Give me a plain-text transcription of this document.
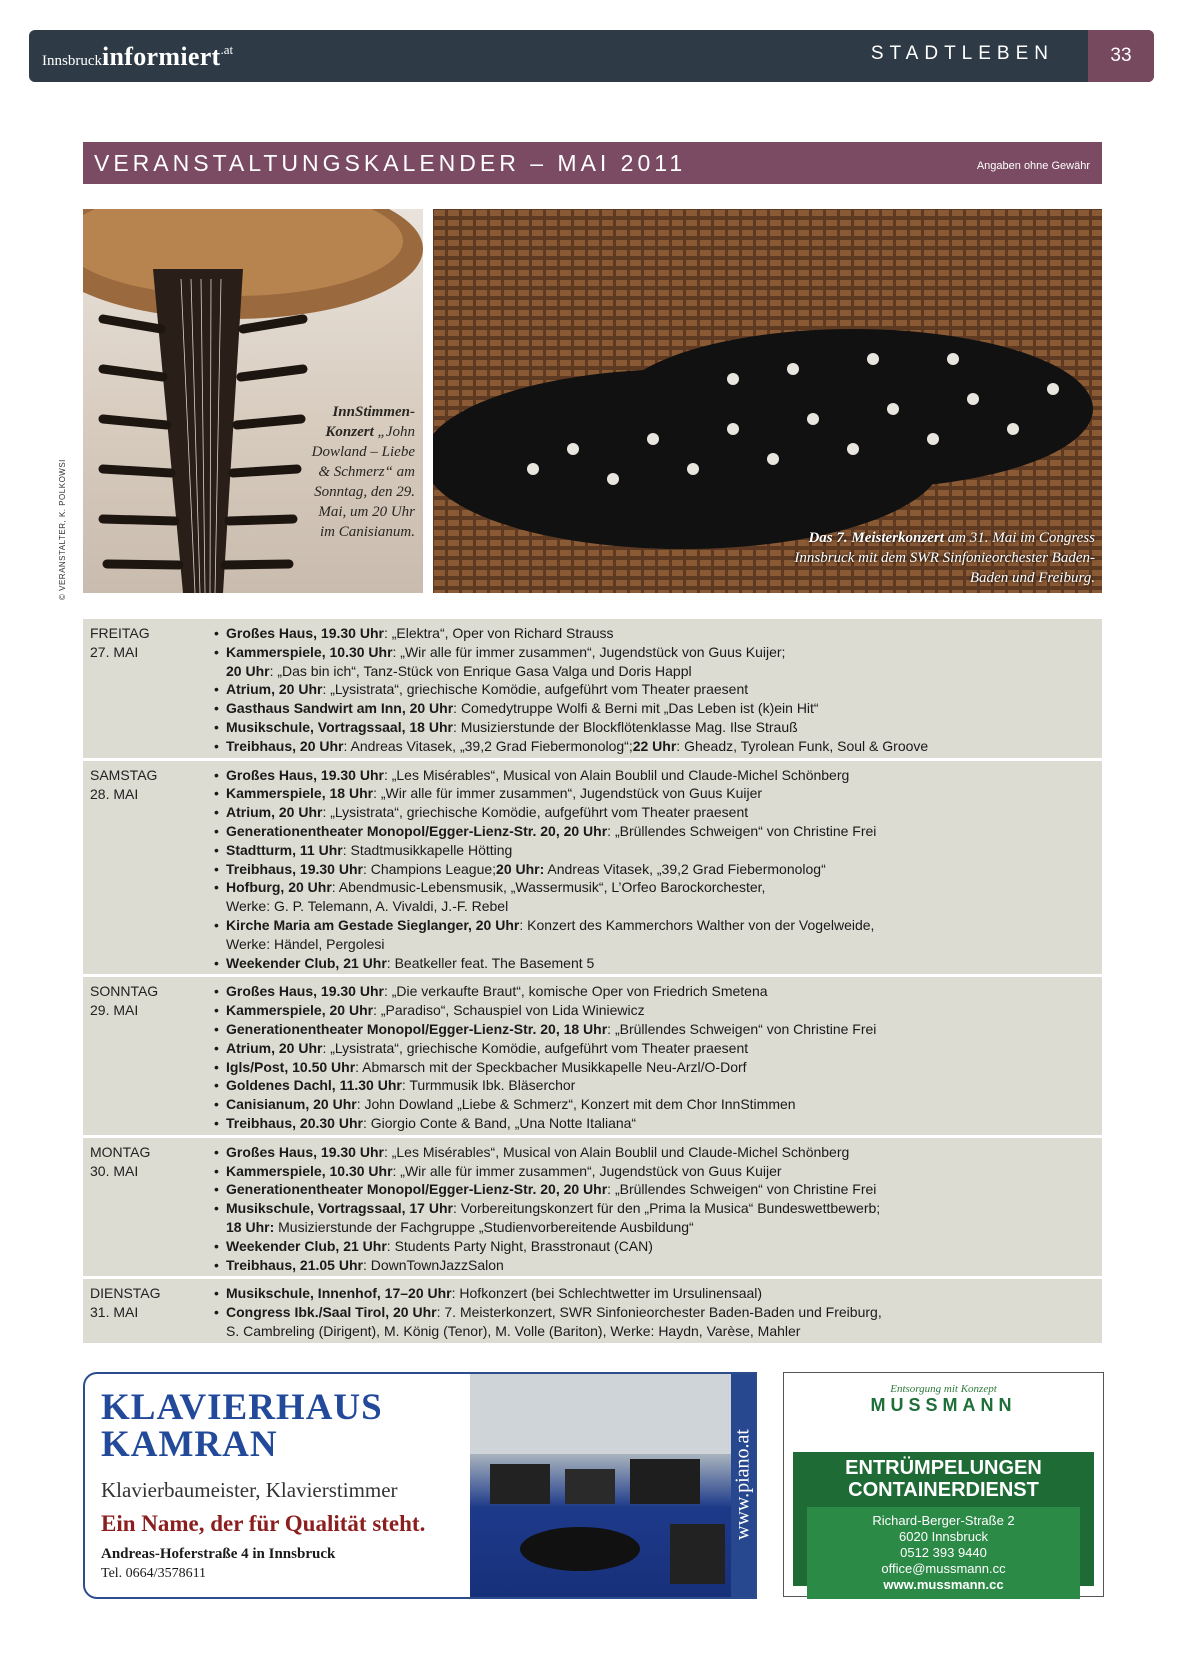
Innsbruckinformiert$^{.at}$	STADTLEBEN	33
VERANSTALTUNGSKALENDER – MAI 2011	Angaben ohne Gewähr
© VERANSTALTER, K. POLKOWSI
InnStimmen-Konzert „John Dowland – Liebe & Schmerz“ am Sonntag, den 29. Mai, um 20 Uhr im Canisianum.	Das 7. Meisterkonzert am 31. Mai im Congress Innsbruck mit dem SWR Sinfonieorchester Baden-Baden und Freiburg.
FREITAG
27. MAI
• Großes Haus, 19.30 Uhr: „Elektra“, Oper von Richard Strauss
• Kammerspiele, 10.30 Uhr: „Wir alle für immer zusammen“, Jugendstück von Guus Kuijer;
20 Uhr: „Das bin ich“, Tanz-Stück von Enrique Gasa Valga und Doris Happl
• Atrium, 20 Uhr: „Lysistrata“, griechische Komödie, aufgeführt vom Theater praesent
• Gasthaus Sandwirt am Inn, 20 Uhr: Comedytruppe Wolfi & Berni mit „Das Leben ist (k)ein Hit“
• Musikschule, Vortragssaal, 18 Uhr: Musizierstunde der Blockflötenklasse Mag. Ilse Strauß
• Treibhaus, 20 Uhr: Andreas Vitasek, „39,2 Grad Fiebermonolog“;22 Uhr: Gheadz, Tyrolean Funk, Soul & Groove
SAMSTAG
28. MAI
• Großes Haus, 19.30 Uhr: „Les Misérables“, Musical von Alain Boublil und Claude-Michel Schönberg
• Kammerspiele, 18 Uhr: „Wir alle für immer zusammen“, Jugendstück von Guus Kuijer
• Atrium, 20 Uhr: „Lysistrata“, griechische Komödie, aufgeführt vom Theater praesent
• Generationentheater Monopol/Egger-Lienz-Str. 20, 20 Uhr: „Brüllendes Schweigen“ von Christine Frei
• Stadtturm, 11 Uhr: Stadtmusikkapelle Hötting
• Treibhaus, 19.30 Uhr: Champions League;20 Uhr: Andreas Vitasek, „39,2 Grad Fiebermonolog“
• Hofburg, 20 Uhr: Abendmusic-Lebensmusik, „Wassermusik“, L’Orfeo Barockorchester,
Werke: G. P. Telemann, A. Vivaldi, J.-F. Rebel
• Kirche Maria am Gestade Sieglanger, 20 Uhr: Konzert des Kammerchors Walther von der Vogelweide,
Werke: Händel, Pergolesi
• Weekender Club, 21 Uhr: Beatkeller feat. The Basement 5
SONNTAG
29. MAI
• Großes Haus, 19.30 Uhr: „Die verkaufte Braut“, komische Oper von Friedrich Smetena
• Kammerspiele, 20 Uhr: „Paradiso“, Schauspiel von Lida Winiewicz
• Generationentheater Monopol/Egger-Lienz-Str. 20, 18 Uhr: „Brüllendes Schweigen“ von Christine Frei
• Atrium, 20 Uhr: „Lysistrata“, griechische Komödie, aufgeführt vom Theater praesent
• Igls/Post, 10.50 Uhr: Abmarsch mit der Speckbacher Musikkapelle Neu-Arzl/O-Dorf
• Goldenes Dachl, 11.30 Uhr: Turmmusik Ibk. Bläserchor
• Canisianum, 20 Uhr: John Dowland „Liebe & Schmerz“, Konzert mit dem Chor InnStimmen
• Treibhaus, 20.30 Uhr: Giorgio Conte & Band, „Una Notte Italiana“
MONTAG
30. MAI
• Großes Haus, 19.30 Uhr: „Les Misérables“, Musical von Alain Boublil und Claude-Michel Schönberg
• Kammerspiele, 10.30 Uhr: „Wir alle für immer zusammen“, Jugendstück von Guus Kuijer
• Generationentheater Monopol/Egger-Lienz-Str. 20, 20 Uhr: „Brüllendes Schweigen“ von Christine Frei
• Musikschule, Vortragssaal, 17 Uhr: Vorbereitungskonzert für den „Prima la Musica“ Bundeswettbewerb;
18 Uhr: Musizierstunde der Fachgruppe „Studienvorbereitende Ausbildung“
• Weekender Club, 21 Uhr: Students Party Night, Brasstronaut (CAN)
• Treibhaus, 21.05 Uhr: DownTownJazzSalon
DIENSTAG
31. MAI
• Musikschule, Innenhof, 17–20 Uhr: Hofkonzert (bei Schlechtwetter im Ursulinensaal)
• Congress Ibk./Saal Tirol, 20 Uhr: 7. Meisterkonzert, SWR Sinfonieorchester Baden-Baden und Freiburg,
S. Cambreling (Dirigent), M. König (Tenor), M. Volle (Bariton), Werke: Haydn, Varèse, Mahler
KLAVIERHAUS
KAMRAN
Klavierbaumeister, Klavierstimmer
Ein Name, der für Qualität steht.
Andreas-Hoferstraße 4 in Innsbruck
Tel. 0664/3578611
www.piano.at
Entsorgung mit Konzept
MUSSMANN
ENTRÜMPELUNGEN
CONTAINERDIENST
Richard-Berger-Straße 2
6020 Innsbruck
0512 393 9440
office@mussmann.cc
www.mussmann.cc
